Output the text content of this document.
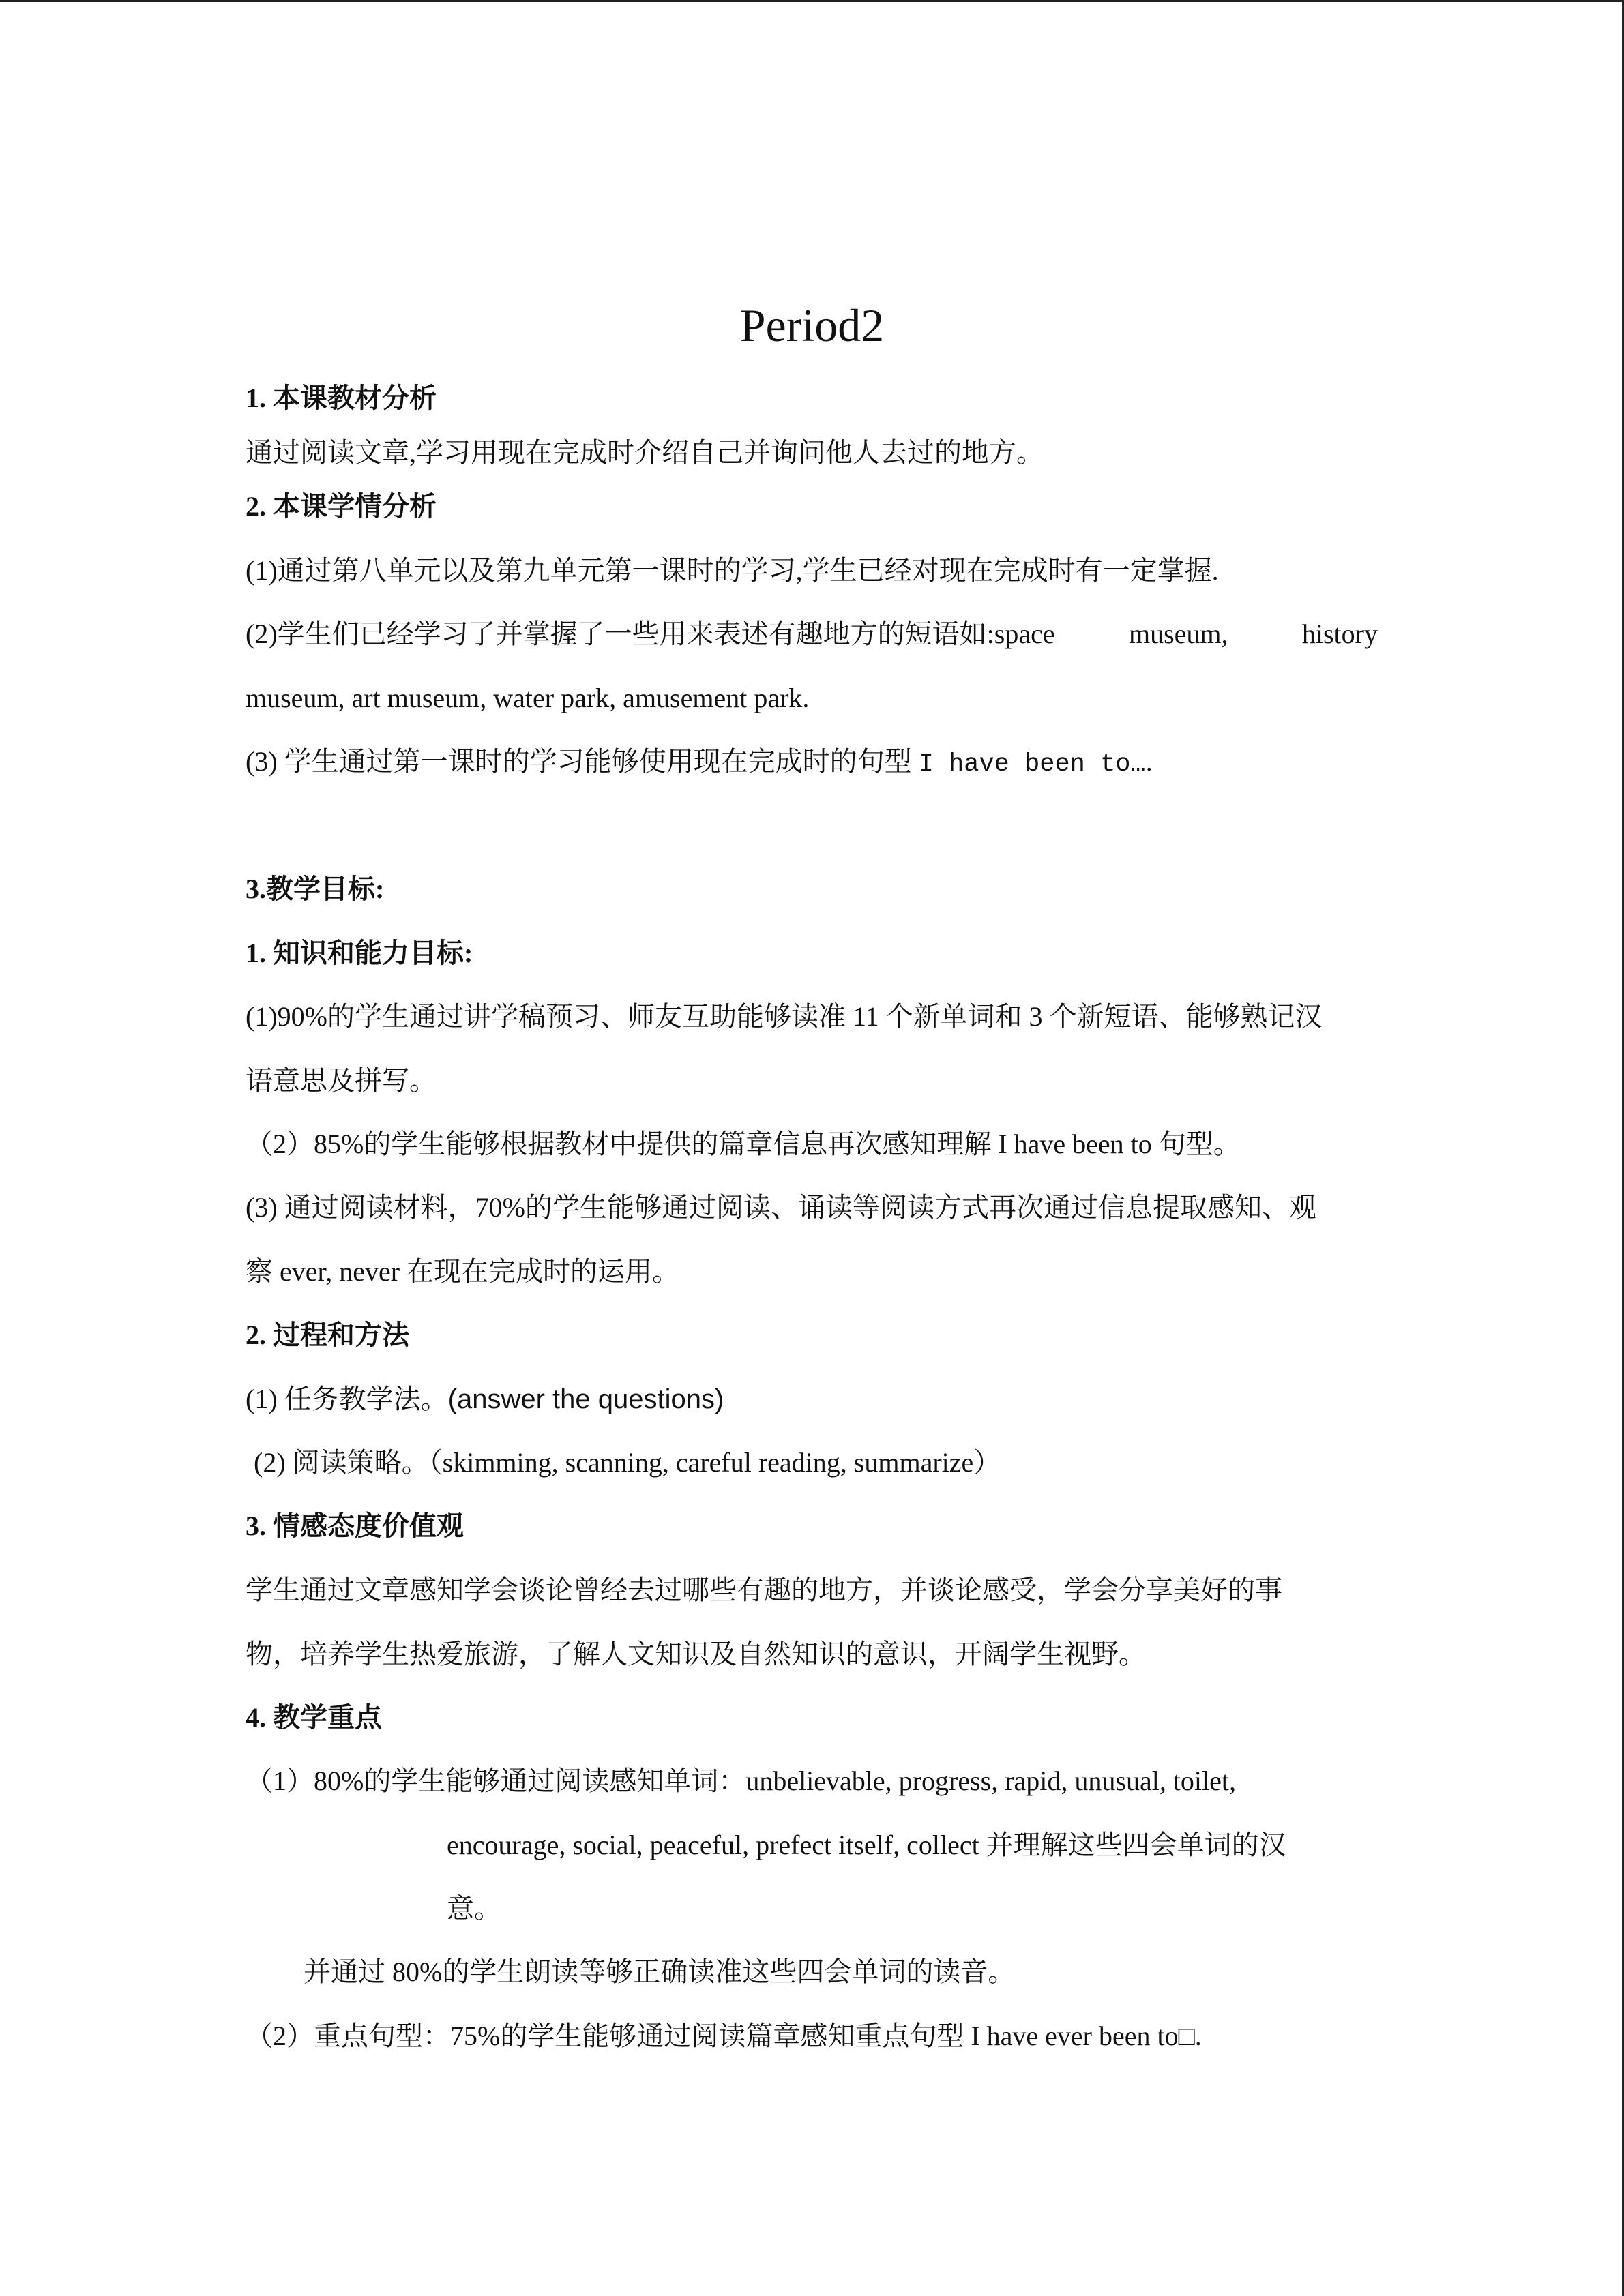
Period2
1. 本课教材分析
通过阅读文章,学习用现在完成时介绍自己并询问他人去过的地方。
2. 本课学情分析
(1)通过第八单元以及第九单元第一课时的学习,学生已经对现在完成时有一定掌握.
(2)学生们已经学习了并掌握了一些用来表述有趣地方的短语如:space	museum,	history
museum, art museum, water park, amusement park.
(3) 学生通过第一课时的学习能够使用现在完成时的句型 I have been to….
3.教学目标:
1. 知识和能力目标:
(1)90%的学生通过讲学稿预习、师友互助能够读准 11 个新单词和 3 个新短语、能够熟记汉
语意思及拼写。
（2）85%的学生能够根据教材中提供的篇章信息再次感知理解 I have been to 句型。
(3) 通过阅读材料，70%的学生能够通过阅读、诵读等阅读方式再次通过信息提取感知、观
察 ever, never 在现在完成时的运用。
2. 过程和方法
(1) 任务教学法。(answer the questions)
(2) 阅读策略。（skimming, scanning, careful reading, summarize）
3. 情感态度价值观
学生通过文章感知学会谈论曾经去过哪些有趣的地方，并谈论感受，学会分享美好的事
物，培养学生热爱旅游，了解人文知识及自然知识的意识，开阔学生视野。
4. 教学重点
（1）80%的学生能够通过阅读感知单词：unbelievable, progress, rapid, unusual, toilet,
encourage, social, peaceful, prefect itself, collect 并理解这些四会单词的汉
意。
并通过 80%的学生朗读等够正确读准这些四会单词的读音。
（2）重点句型：75%的学生能够通过阅读篇章感知重点句型 I have ever been to□.
